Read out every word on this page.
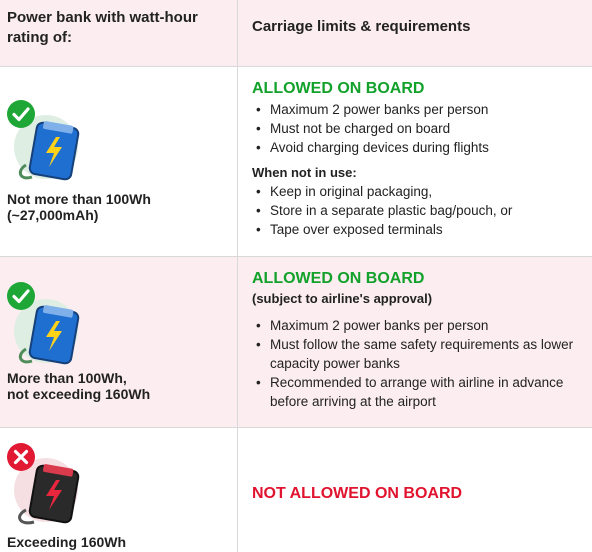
Power bank with watt-hour rating of:
Carriage limits & requirements
Not more than 100Wh
(~27,000mAh)
ALLOWED ON BOARD
• Maximum 2 power banks per person
• Must not be charged on board
• Avoid charging devices during flights
When not in use:
• Keep in original packaging,
• Store in a separate plastic bag/pouch, or
• Tape over exposed terminals
More than 100Wh,
not exceeding 160Wh
ALLOWED ON BOARD
(subject to airline's approval)
• Maximum 2 power banks per person
• Must follow the same safety requirements as lower capacity power banks
• Recommended to arrange with airline in advance before arriving at the airport
Exceeding 160Wh
NOT ALLOWED ON BOARD
